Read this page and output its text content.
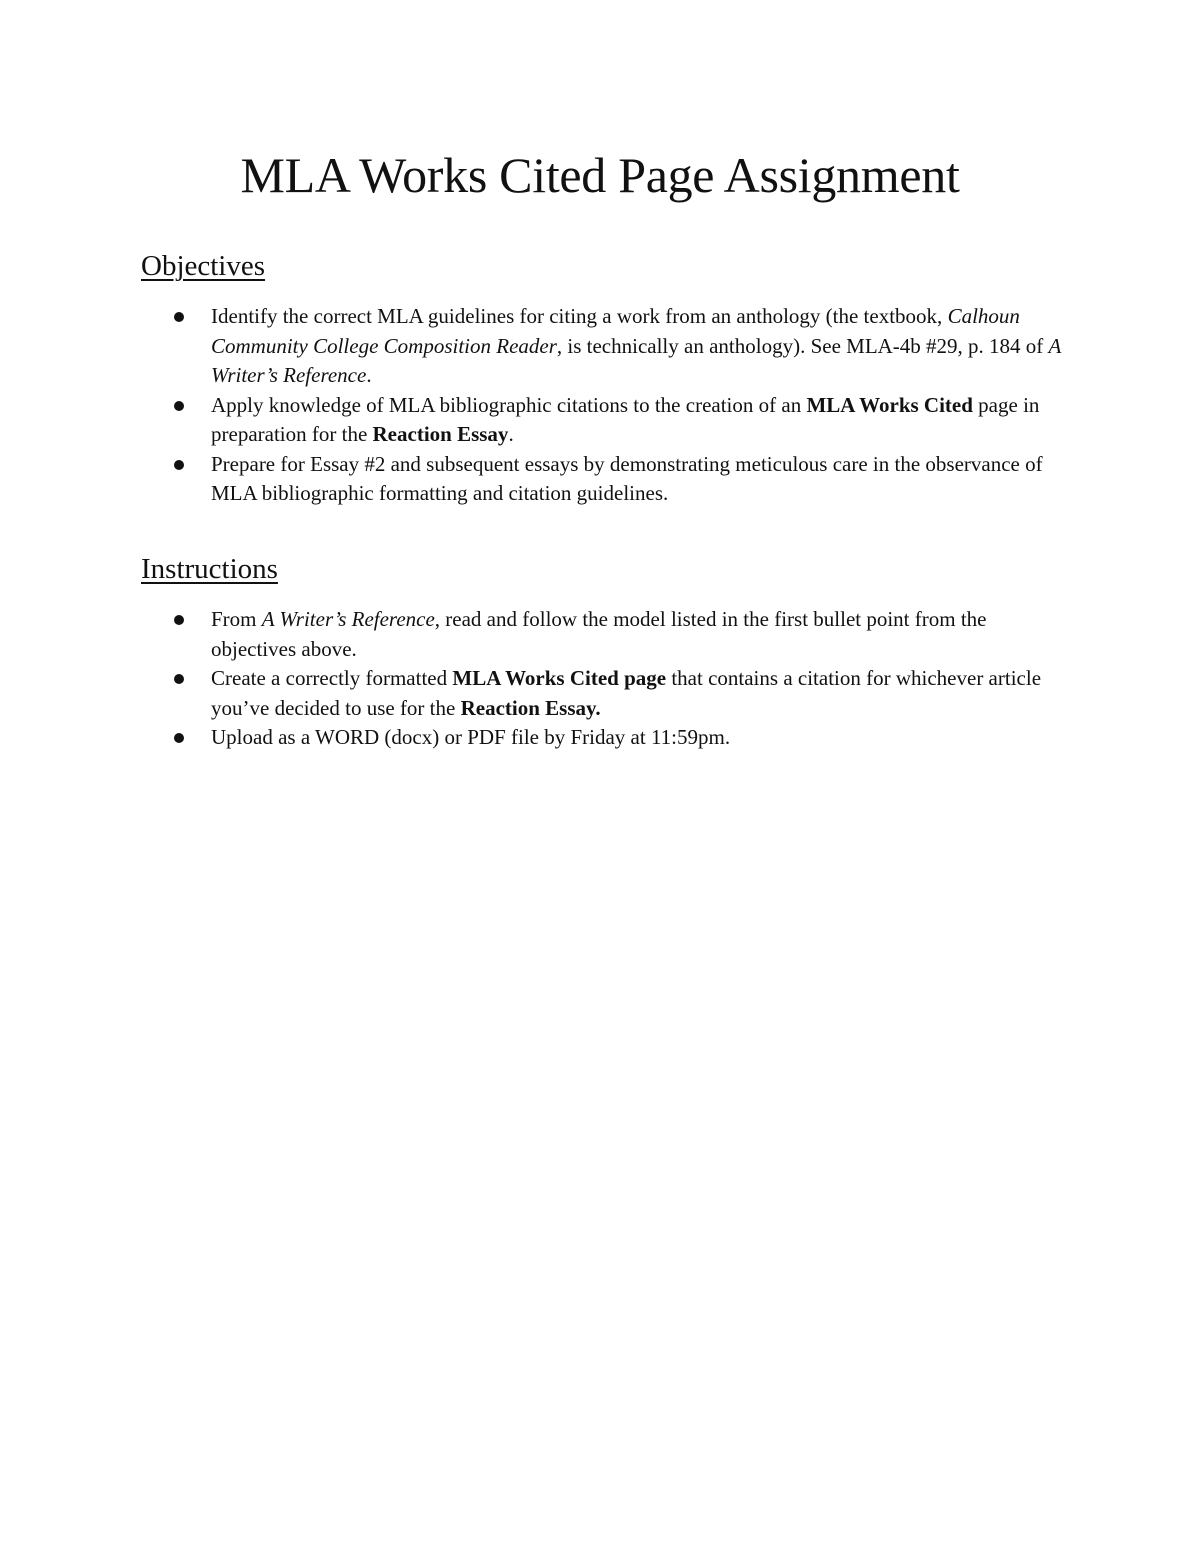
MLA Works Cited Page Assignment
Objectives
Identify the correct MLA guidelines for citing a work from an anthology (the textbook, Calhoun Community College Composition Reader, is technically an anthology). See MLA-4b #29, p. 184 of A Writer’s Reference.
Apply knowledge of MLA bibliographic citations to the creation of an MLA Works Cited page in preparation for the Reaction Essay.
Prepare for Essay #2 and subsequent essays by demonstrating meticulous care in the observance of MLA bibliographic formatting and citation guidelines.
Instructions
From A Writer’s Reference, read and follow the model listed in the first bullet point from the objectives above.
Create a correctly formatted MLA Works Cited page that contains a citation for whichever article you’ve decided to use for the Reaction Essay.
Upload as a WORD (docx) or PDF file by Friday at 11:59pm.
